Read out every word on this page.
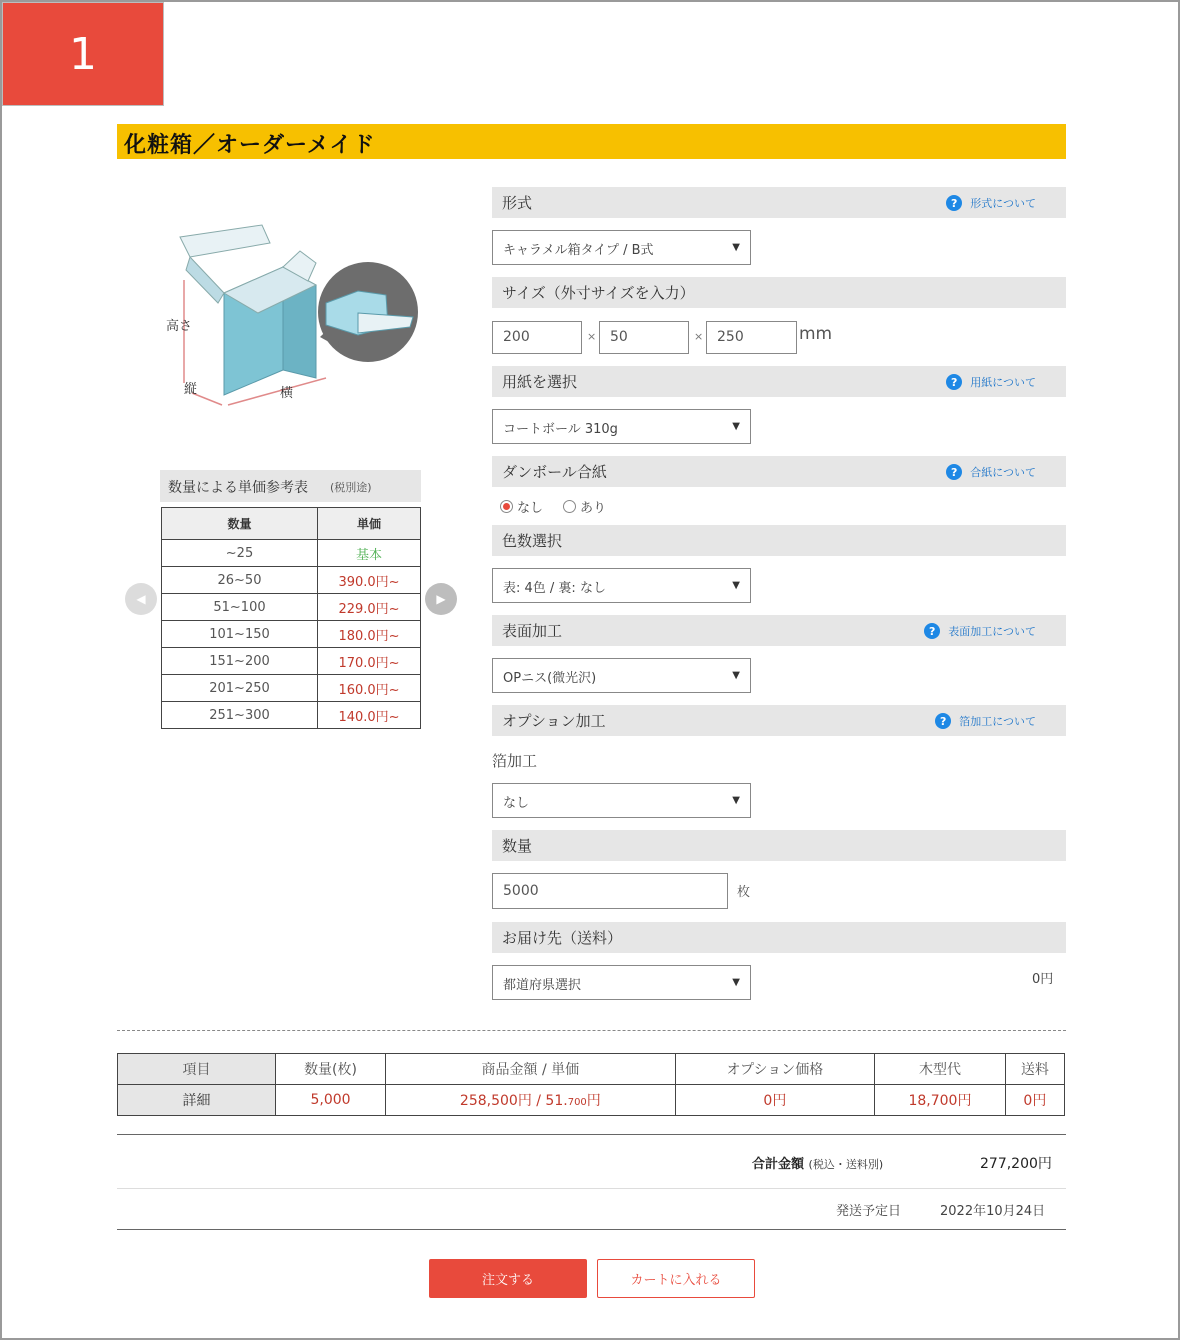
1
化粧箱／オーダーメイド
高さ
縦	横
数量による単価参考表 (税別途)
◀	▶
数量	単価
~25	基本
26~50	390.0円~
51~100	229.0円~
101~150	180.0円~
151~200	170.0円~
201~250	160.0円~
251~300	140.0円~
形式	?	形式について
キャラメル箱タイプ / B式	▼
サイズ（外寸サイズを入力）
200	× 50	× 250	mm
用紙を選択	?	用紙について
コートボール 310g	▼
ダンボール合紙	?	合紙について
なし	あり
色数選択
表: 4色 / 裏: なし	▼
表面加工	?	表面加工について
OPニス(微光沢)	▼
オプション加工	?	箔加工について
箔加工
なし	▼
数量
5000	枚
お届け先（送料）
都道府県選択	▼	0円
項目	数量(枚)	商品金額 / 単価	オプション価格	木型代	送料
詳細	5,000	258,500円 / 51.700円	0円	18,700円	0円
合計金額 (税込・送料別)	277,200円
発送予定日	2022年10月24日
注文する	カートに入れる
